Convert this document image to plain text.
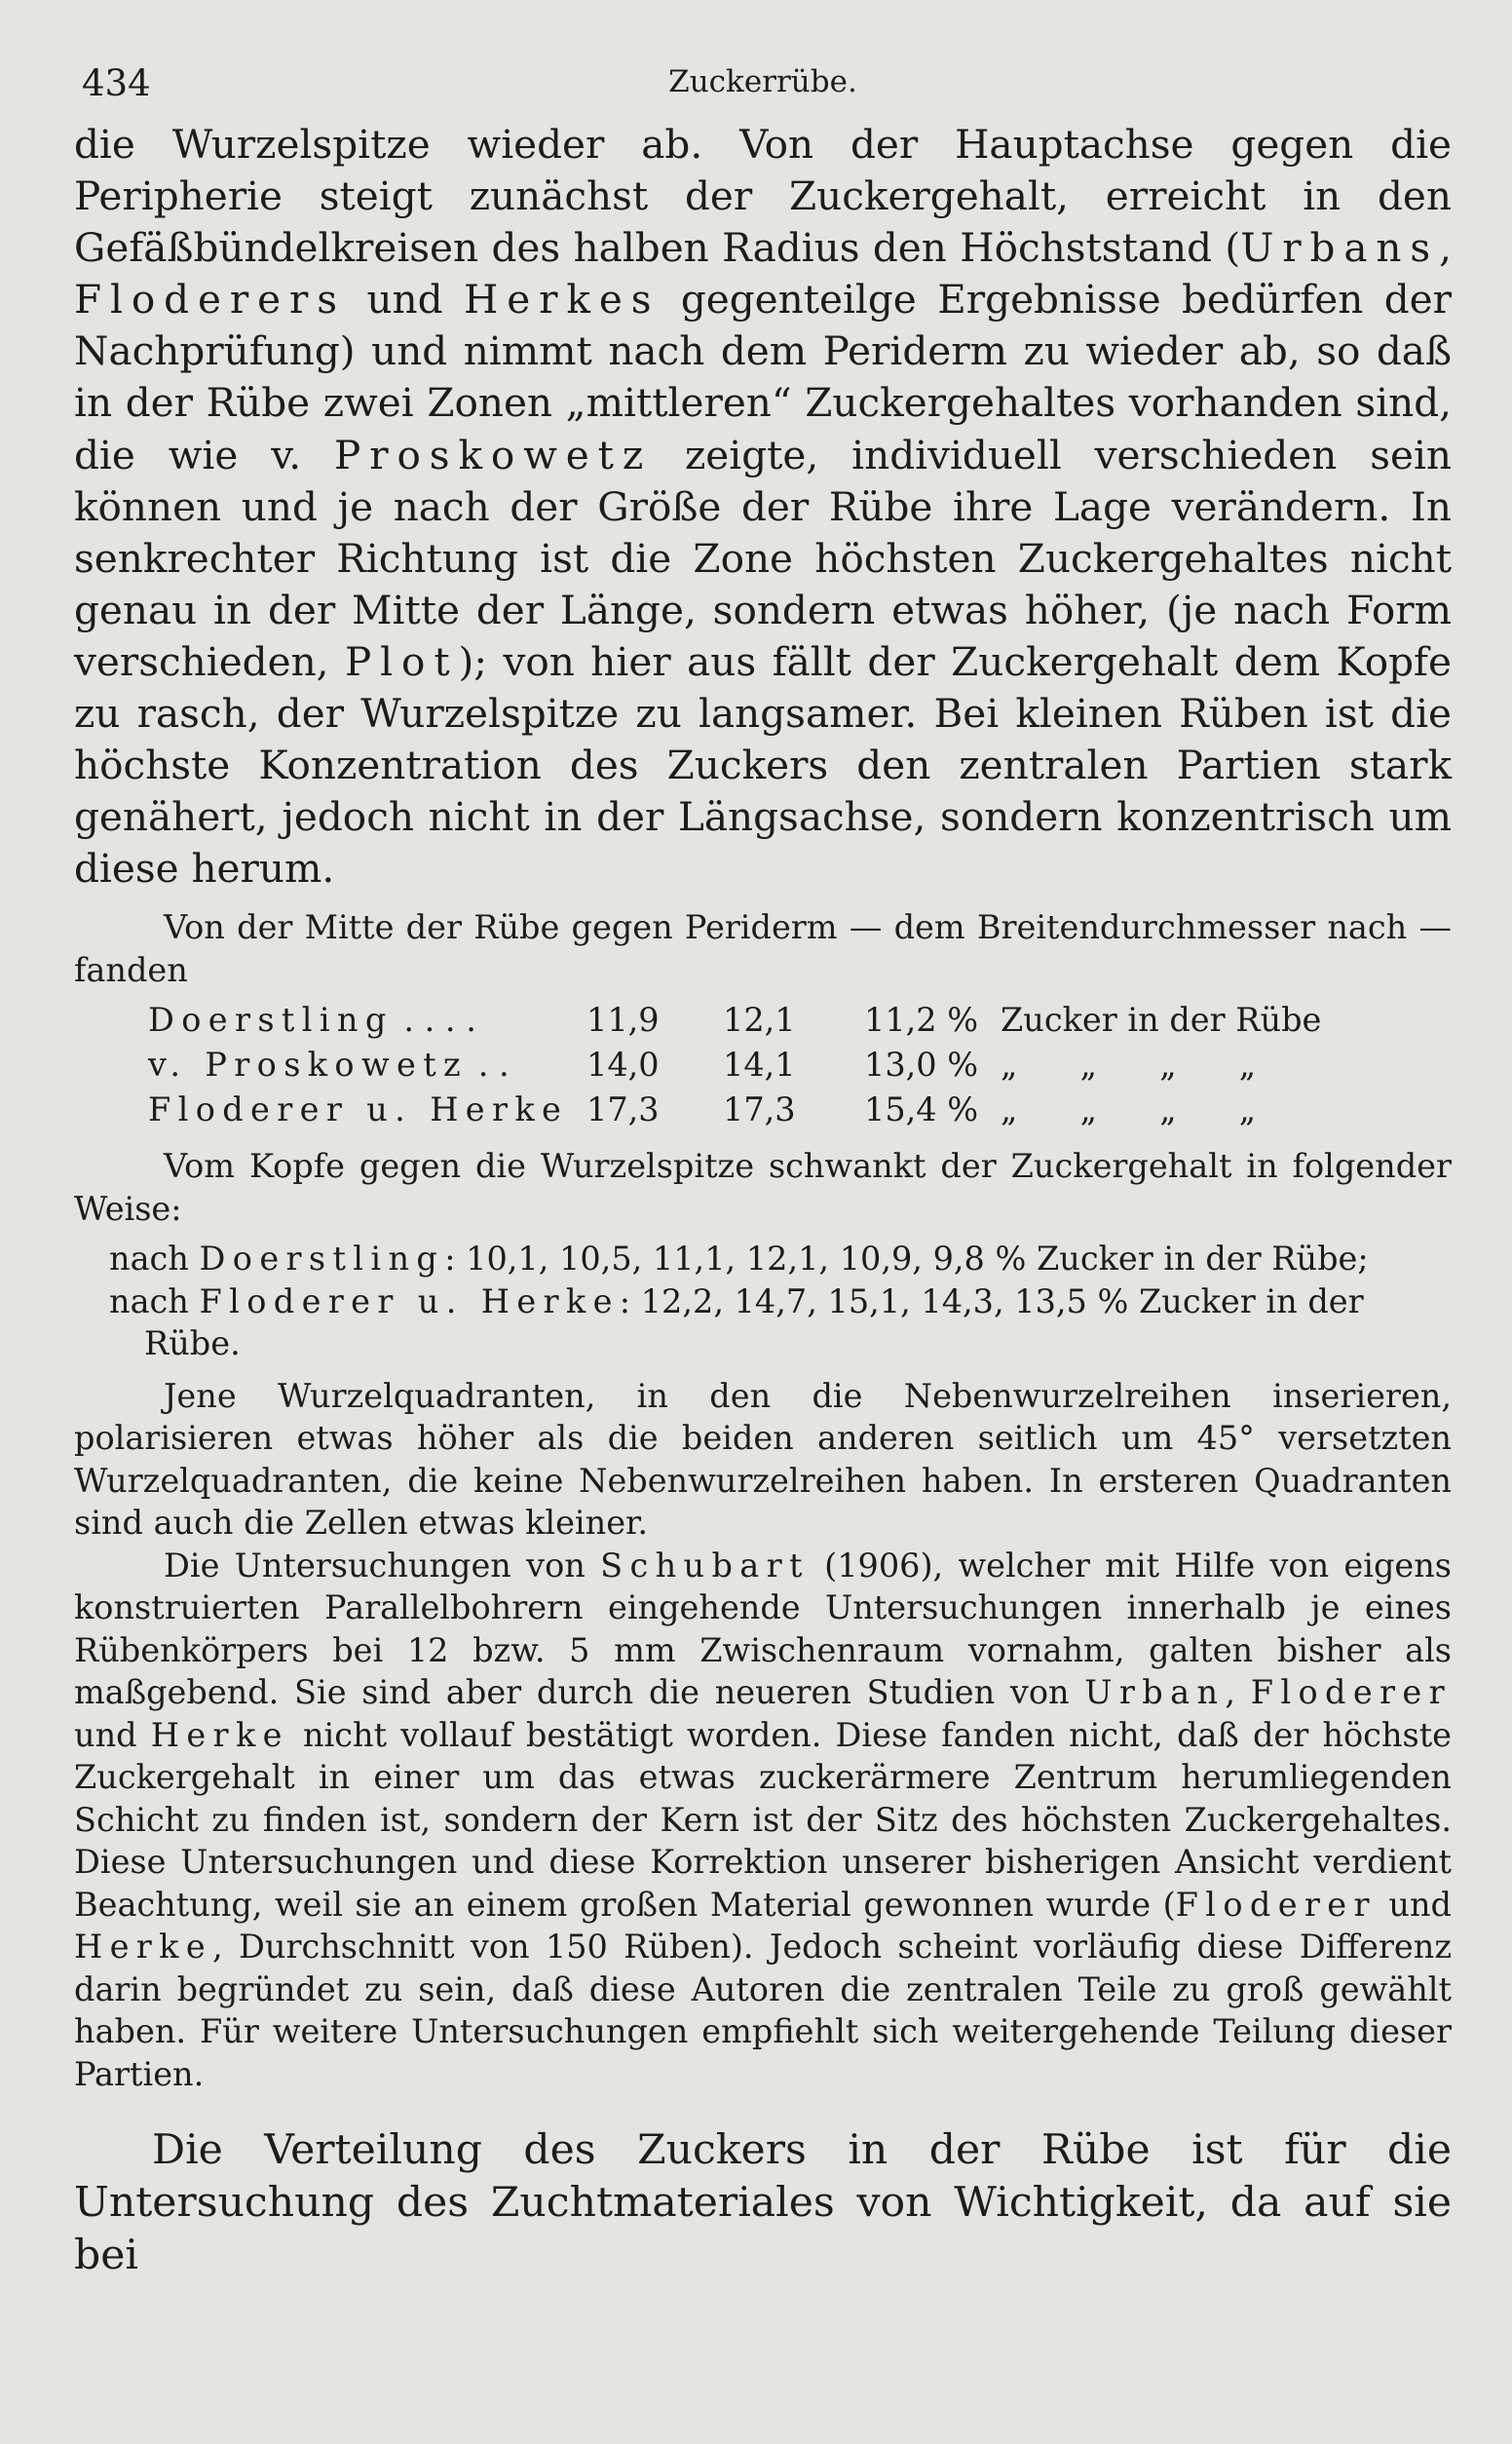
434	Zuckerrübe.

die Wurzelspitze wieder ab. Von der Hauptachse gegen die Peripherie steigt zunächst der Zuckergehalt, erreicht in den Gefäßbündelkreisen des halben Radius den Höchststand (Urbans, Floderers und Herkes gegenteilge Ergebnisse bedürfen der Nachprüfung) und nimmt nach dem Periderm zu wieder ab, so daß in der Rübe zwei Zonen „mittleren“ Zuckergehaltes vorhanden sind, die wie v. Proskowetz zeigte, individuell verschieden sein können und je nach der Größe der Rübe ihre Lage verändern. In senkrechter Richtung ist die Zone höchsten Zuckergehaltes nicht genau in der Mitte der Länge, sondern etwas höher, (je nach Form verschieden, Plot); von hier aus fällt der Zuckergehalt dem Kopfe zu rasch, der Wurzelspitze zu langsamer. Bei kleinen Rüben ist die höchste Konzentration des Zuckers den zentralen Partien stark genähert, jedoch nicht in der Längsachse, sondern konzentrisch um diese herum.

Von der Mitte der Rübe gegen Periderm — dem Breitendurchmesser nach — fanden

Doerstling . . . .	11,9	12,1	11,2 %	Zucker in der Rübe
v. Proskowetz . .	14,0	14,1	13,0 %	„ „ „ „
Floderer u. Herke	17,3	17,3	15,4 %	„ „ „ „

Vom Kopfe gegen die Wurzelspitze schwankt der Zuckergehalt in folgender Weise:

nach Doerstling: 10,1, 10,5, 11,1, 12,1, 10,9, 9,8 % Zucker in der Rübe;

nach Floderer u. Herke: 12,2, 14,7, 15,1, 14,3, 13,5 % Zucker in der

Rübe.

Jene Wurzelquadranten, in den die Nebenwurzelreihen inserieren, polarisieren etwas höher als die beiden anderen seitlich um 45° versetzten Wurzelquadranten, die keine Nebenwurzelreihen haben. In ersteren Quadranten sind auch die Zellen etwas kleiner.

Die Untersuchungen von Schubart (1906), welcher mit Hilfe von eigens konstruierten Parallelbohrern eingehende Untersuchungen innerhalb je eines Rübenkörpers bei 12 bzw. 5 mm Zwischenraum vornahm, galten bisher als maßgebend. Sie sind aber durch die neueren Studien von Urban, Floderer und Herke nicht vollauf bestätigt worden. Diese fanden nicht, daß der höchste Zuckergehalt in einer um das etwas zuckerärmere Zentrum herumliegenden Schicht zu finden ist, sondern der Kern ist der Sitz des höchsten Zuckergehaltes. Diese Untersuchungen und diese Korrektion unserer bisherigen Ansicht verdient Beachtung, weil sie an einem großen Material gewonnen wurde (Floderer und Herke, Durchschnitt von 150 Rüben). Jedoch scheint vorläufig diese Differenz darin begründet zu sein, daß diese Autoren die zentralen Teile zu groß gewählt haben. Für weitere Untersuchungen empfiehlt sich weitergehende Teilung dieser Partien.

Die Verteilung des Zuckers in der Rübe ist für die Untersuchung des Zuchtmateriales von Wichtigkeit, da auf sie bei
